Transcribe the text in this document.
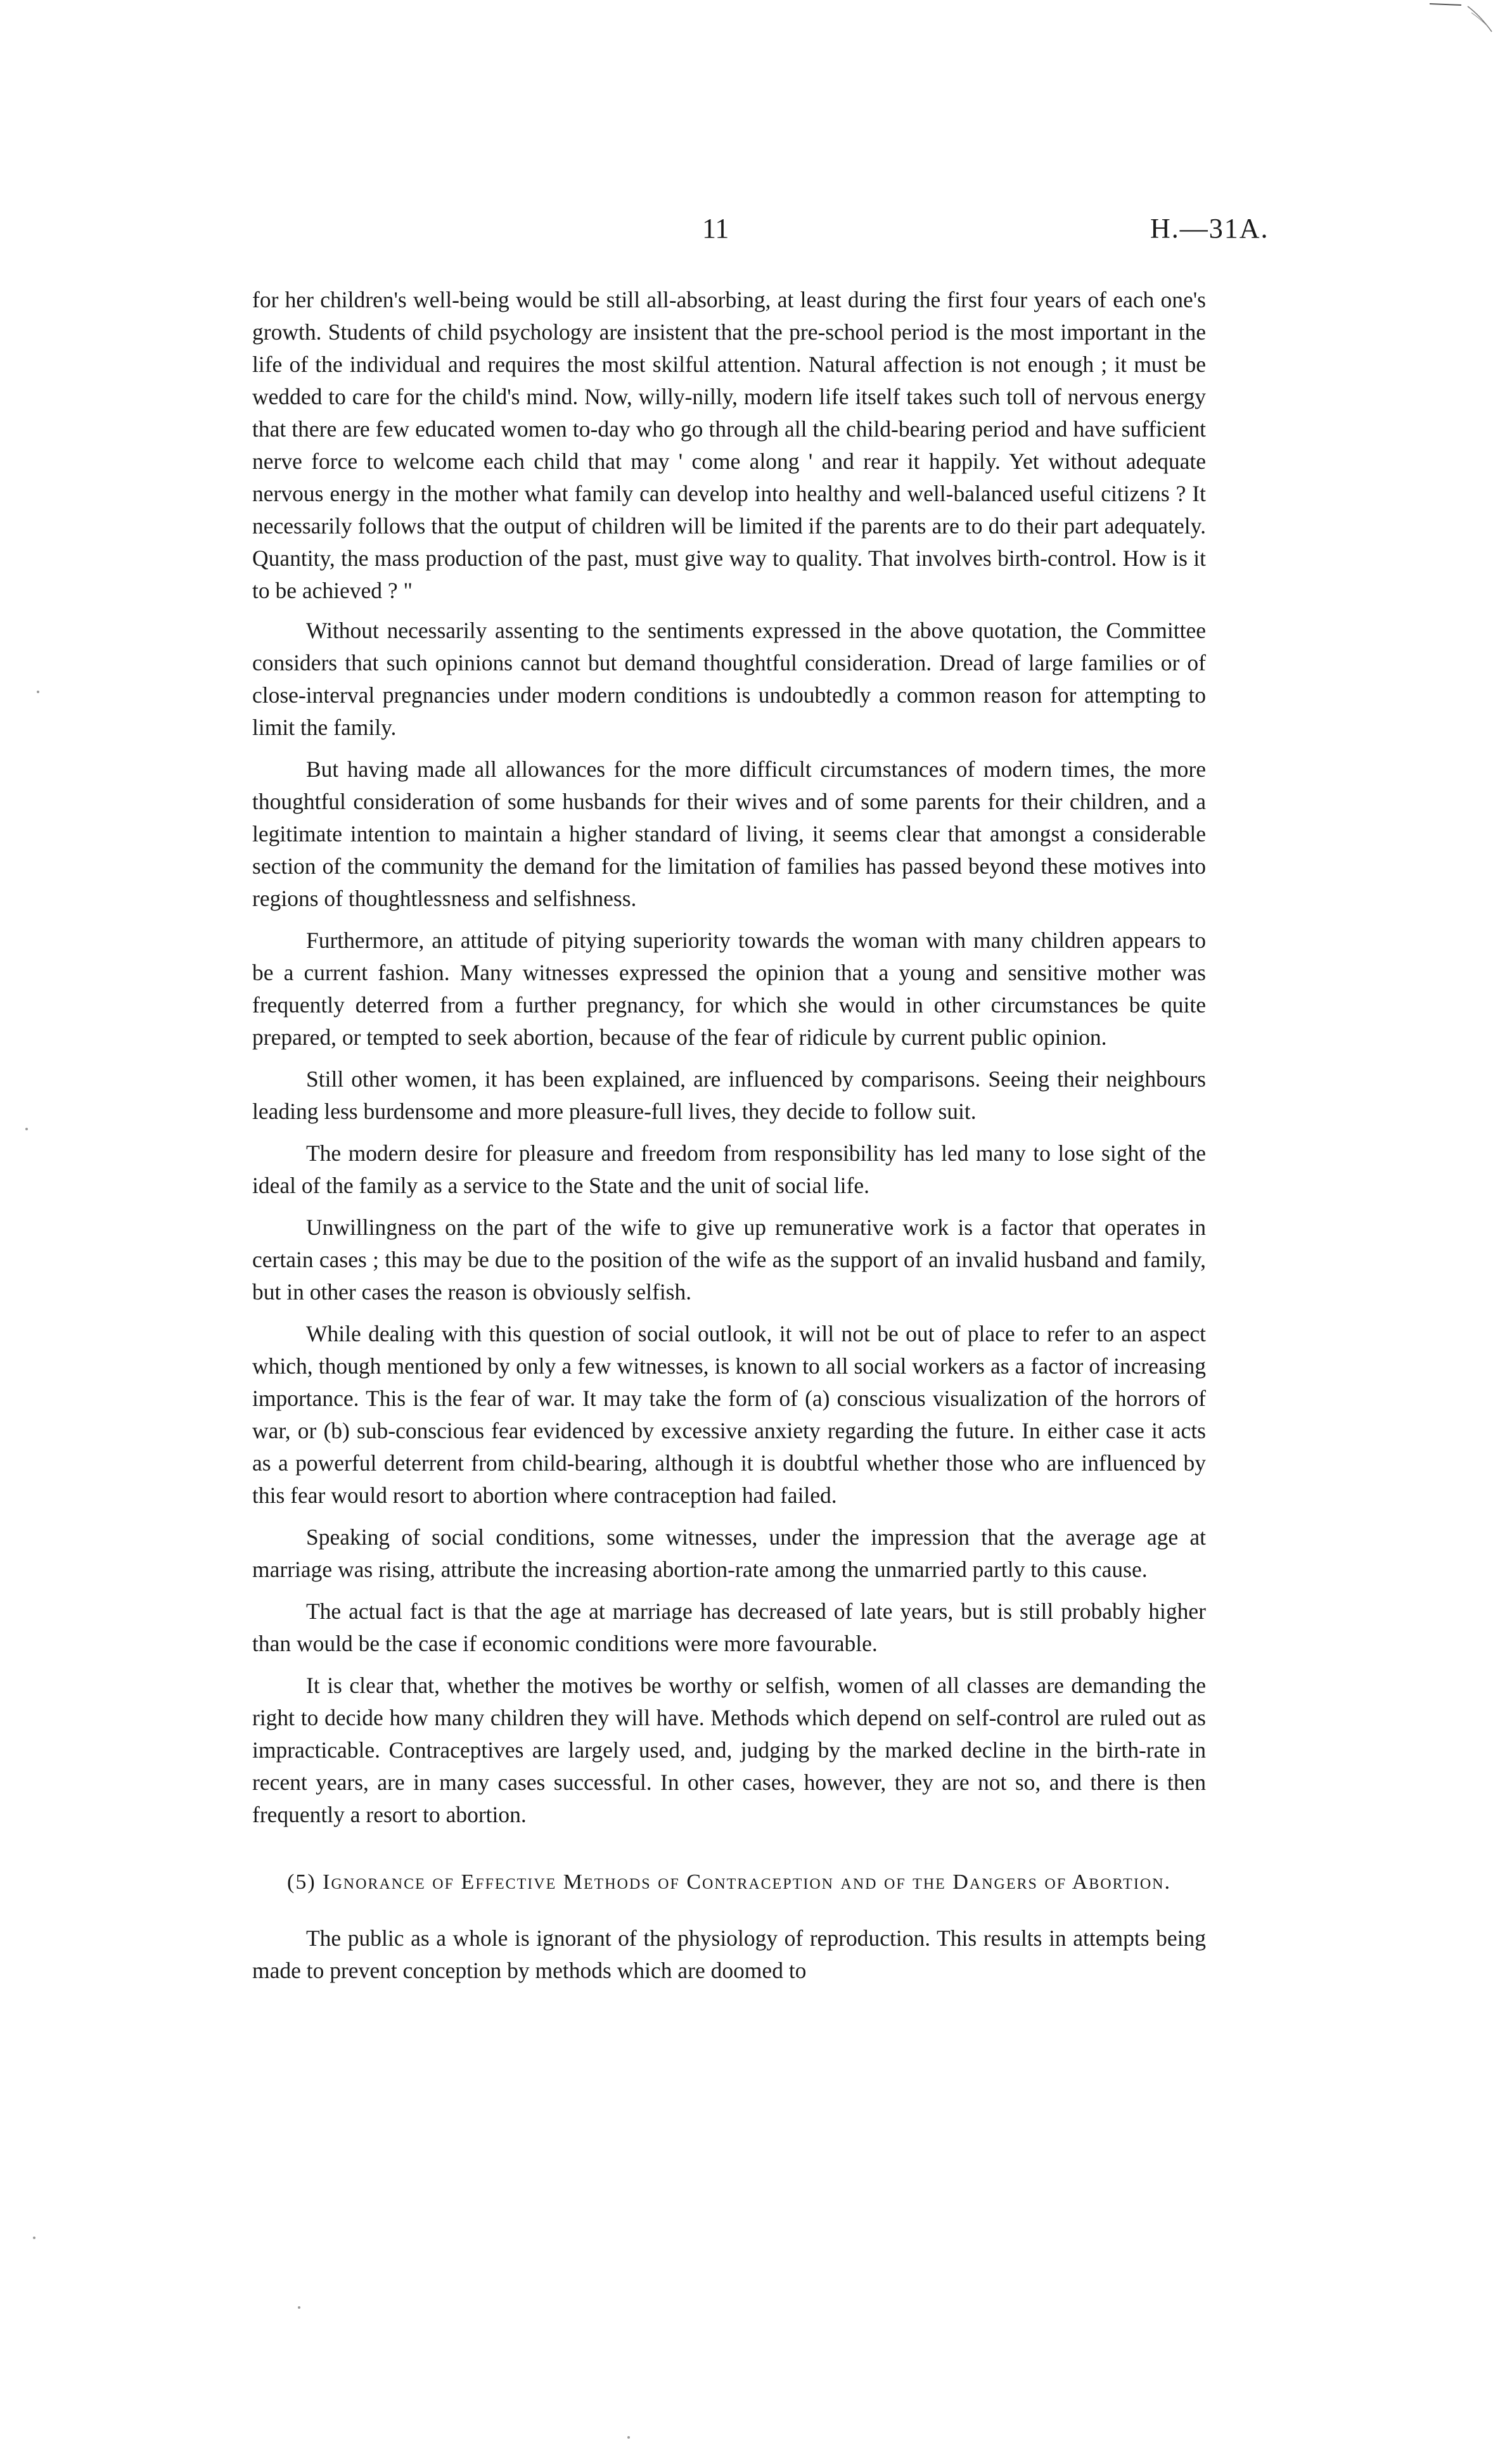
11	H.—31A.

for her children's well-being would be still all-absorbing, at least during the first four years of each one's growth. Students of child psychology are insistent that the pre-school period is the most important in the life of the individual and requires the most skilful attention. Natural affection is not enough ; it must be wedded to care for the child's mind. Now, willy-nilly, modern life itself takes such toll of nervous energy that there are few educated women to-day who go through all the child-bearing period and have sufficient nerve force to welcome each child that may ' come along ' and rear it happily. Yet without adequate nervous energy in the mother what family can develop into healthy and well-balanced useful citizens ? It necessarily follows that the output of children will be limited if the parents are to do their part adequately. Quantity, the mass production of the past, must give way to quality. That involves birth-control. How is it to be achieved ? "

Without necessarily assenting to the sentiments expressed in the above quotation, the Committee considers that such opinions cannot but demand thoughtful consideration. Dread of large families or of close-interval pregnancies under modern conditions is undoubtedly a common reason for attempting to limit the family.

But having made all allowances for the more difficult circumstances of modern times, the more thoughtful consideration of some husbands for their wives and of some parents for their children, and a legitimate intention to maintain a higher standard of living, it seems clear that amongst a considerable section of the community the demand for the limitation of families has passed beyond these motives into regions of thoughtlessness and selfishness.

Furthermore, an attitude of pitying superiority towards the woman with many children appears to be a current fashion. Many witnesses expressed the opinion that a young and sensitive mother was frequently deterred from a further pregnancy, for which she would in other circumstances be quite prepared, or tempted to seek abortion, because of the fear of ridicule by current public opinion.

Still other women, it has been explained, are influenced by comparisons. Seeing their neighbours leading less burdensome and more pleasure-full lives, they decide to follow suit.

The modern desire for pleasure and freedom from responsibility has led many to lose sight of the ideal of the family as a service to the State and the unit of social life.

Unwillingness on the part of the wife to give up remunerative work is a factor that operates in certain cases ; this may be due to the position of the wife as the support of an invalid husband and family, but in other cases the reason is obviously selfish.

While dealing with this question of social outlook, it will not be out of place to refer to an aspect which, though mentioned by only a few witnesses, is known to all social workers as a factor of increasing importance. This is the fear of war. It may take the form of (a) conscious visualization of the horrors of war, or (b) sub-conscious fear evidenced by excessive anxiety regarding the future. In either case it acts as a powerful deterrent from child-bearing, although it is doubtful whether those who are influenced by this fear would resort to abortion where contraception had failed.

Speaking of social conditions, some witnesses, under the impression that the average age at marriage was rising, attribute the increasing abortion-rate among the unmarried partly to this cause.

The actual fact is that the age at marriage has decreased of late years, but is still probably higher than would be the case if economic conditions were more favourable.

It is clear that, whether the motives be worthy or selfish, women of all classes are demanding the right to decide how many children they will have. Methods which depend on self-control are ruled out as impracticable. Contraceptives are largely used, and, judging by the marked decline in the birth-rate in recent years, are in many cases successful. In other cases, however, they are not so, and there is then frequently a resort to abortion.

(5) Ignorance of Effective Methods of Contraception and of the Dangers of Abortion.

The public as a whole is ignorant of the physiology of reproduction. This results in attempts being made to prevent conception by methods which are doomed to
